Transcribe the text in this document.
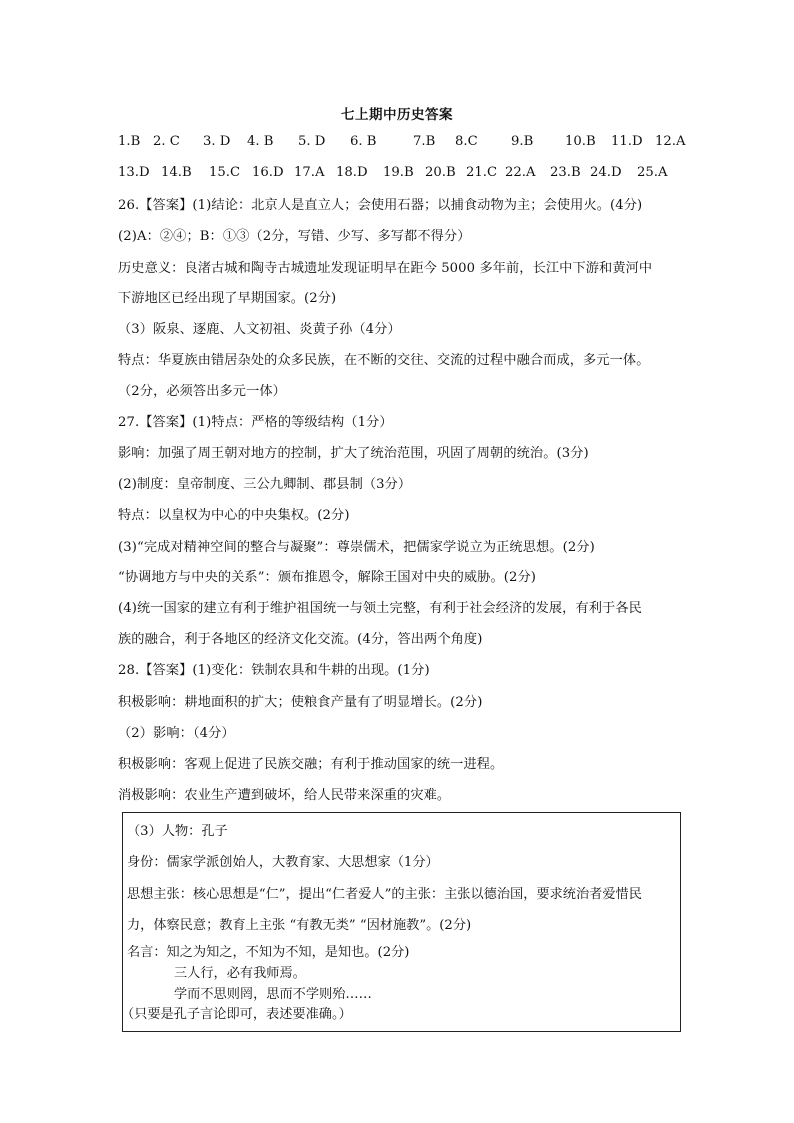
七上期中历史答案
1.B 2. C	3. D	4. B	5. D	6. B	7.B	8.C	9.B	10.B	11.D 12.A
13.D 14.B	15.C 16.D 17.A 18.D	19.B 20.B 21.C 22.A	23.B 24.D	25.A
26.【答案】(1)结论：北京人是直立人；会使用石器；以捕食动物为主；会使用火。(4分)
(2)A：②④；B：①③（2分，写错、少写、多写都不得分）
历史意义：良渚古城和陶寺古城遗址发现证明早在距今 5000 多年前，长江中下游和黄河中
下游地区已经出现了早期国家。(2分)
（3）阪泉、逐鹿、人文初祖、炎黄子孙（4分）
特点：华夏族由错居杂处的众多民族，在不断的交往、交流的过程中融合而成，多元一体。
（2分，必须答出多元一体）
27.【答案】(1)特点：严格的等级结构（1分）
影响：加强了周王朝对地方的控制，扩大了统治范围，巩固了周朝的统治。(3分)
(2)制度：皇帝制度、三公九卿制、郡县制（3分）
特点：以皇权为中心的中央集权。(2分)
(3)“完成对精神空间的整合与凝聚”：尊崇儒术，把儒家学说立为正统思想。(2分)
“协调地方与中央的关系”：颁布推恩令，解除王国对中央的威胁。(2分)
(4)统一国家的建立有利于维护祖国统一与领土完整，有利于社会经济的发展，有利于各民
族的融合，利于各地区的经济文化交流。(4分，答出两个角度)
28.【答案】(1)变化：铁制农具和牛耕的出现。(1分)
积极影响：耕地面积的扩大；使粮食产量有了明显增长。(2分)
（2）影响：（4分）
积极影响：客观上促进了民族交融；有利于推动国家的统一进程。
消极影响：农业生产遭到破坏，给人民带来深重的灾难。
（3）人物：孔子
身份：儒家学派创始人，大教育家、大思想家（1分）
思想主张：核心思想是“仁”，提出“仁者爱人”的主张：主张以德治国，要求统治者爱惜民
力，体察民意；教育上主张 “有教无类” “因材施教”。(2分)
名言：知之为知之，不知为不知，是知也。(2分)
三人行，必有我师焉。
学而不思则罔，思而不学则殆……
（只要是孔子言论即可，表述要准确。）
